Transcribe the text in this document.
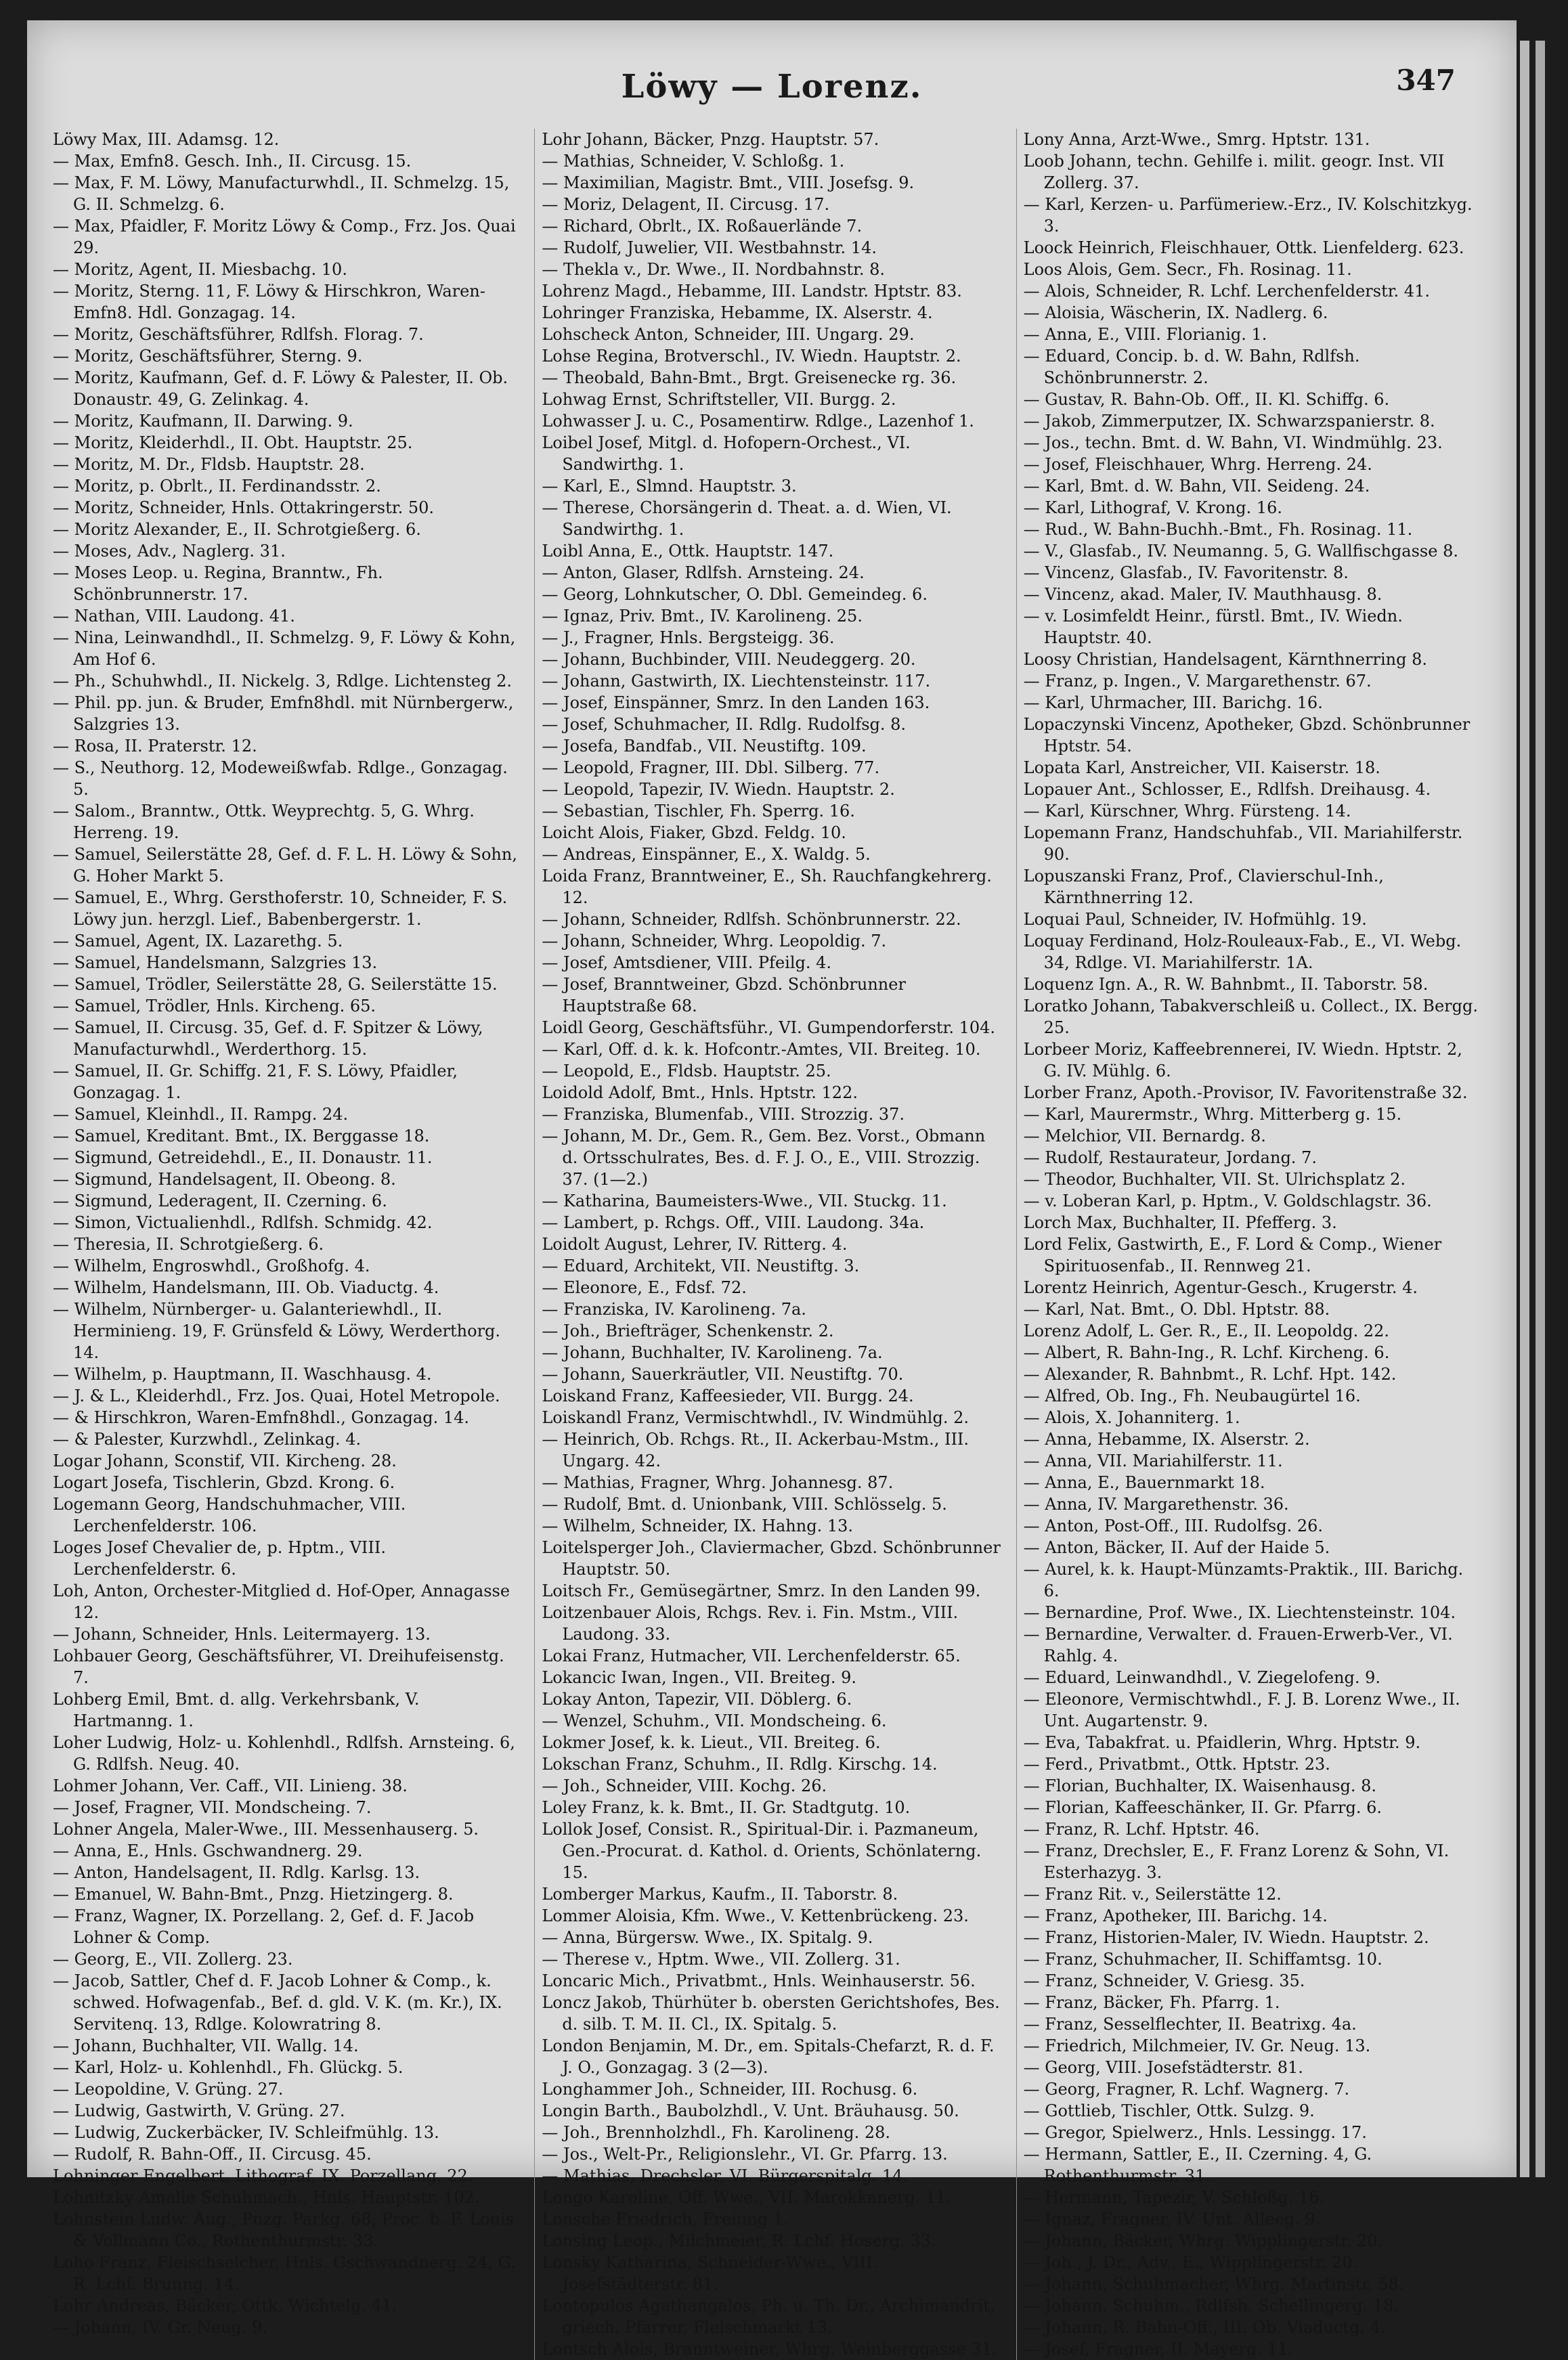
Löwy — Lorenz.	347
Löwy Max, III. Adamsg. 12.
— Max, Emfn8. Gesch. Inh., II. Circusg. 15.
— Max, F. M. Löwy, Manufacturwhdl., II. Schmelzg. 15, G. II. Schmelzg. 6.
— Max, Pfaidler, F. Moritz Löwy & Comp., Frz. Jos. Quai 29.
— Moritz, Agent, II. Miesbachg. 10.
— Moritz, Sterng. 11, F. Löwy & Hirschkron, Waren-Emfn8. Hdl. Gonzagag. 14.
— Moritz, Geschäftsführer, Rdlfsh. Florag. 7.
— Moritz, Geschäftsführer, Sterng. 9.
— Moritz, Kaufmann, Gef. d. F. Löwy & Palester, II. Ob. Donaustr. 49, G. Zelinkag. 4.
— Moritz, Kaufmann, II. Darwing. 9.
— Moritz, Kleiderhdl., II. Obt. Hauptstr. 25.
— Moritz, M. Dr., Fldsb. Hauptstr. 28.
— Moritz, p. Obrlt., II. Ferdinandsstr. 2.
— Moritz, Schneider, Hnls. Ottakringerstr. 50.
— Moritz Alexander, E., II. Schrotgießerg. 6.
— Moses, Adv., Naglerg. 31.
— Moses Leop. u. Regina, Branntw., Fh. Schönbrunnerstr. 17.
— Nathan, VIII. Laudong. 41.
— Nina, Leinwandhdl., II. Schmelzg. 9, F. Löwy & Kohn, Am Hof 6.
— Ph., Schuhwhdl., II. Nickelg. 3, Rdlge. Lichtensteg 2.
— Phil. pp. jun. & Bruder, Emfn8hdl. mit Nürnbergerw., Salzgries 13.
— Rosa, II. Praterstr. 12.
— S., Neuthorg. 12, Modeweißwfab. Rdlge., Gonzagag. 5.
— Salom., Branntw., Ottk. Weyprechtg. 5, G. Whrg. Herreng. 19.
— Samuel, Seilerstätte 28, Gef. d. F. L. H. Löwy & Sohn, G. Hoher Markt 5.
— Samuel, E., Whrg. Gersthoferstr. 10, Schneider, F. S. Löwy jun. herzgl. Lief., Babenbergerstr. 1.
— Samuel, Agent, IX. Lazarethg. 5.
— Samuel, Handelsmann, Salzgries 13.
— Samuel, Trödler, Seilerstätte 28, G. Seilerstätte 15.
— Samuel, Trödler, Hnls. Kircheng. 65.
— Samuel, II. Circusg. 35, Gef. d. F. Spitzer & Löwy, Manufacturwhdl., Werderthorg. 15.
— Samuel, II. Gr. Schiffg. 21, F. S. Löwy, Pfaidler, Gonzagag. 1.
— Samuel, Kleinhdl., II. Rampg. 24.
— Samuel, Kreditant. Bmt., IX. Berggasse 18.
— Sigmund, Getreidehdl., E., II. Donaustr. 11.
— Sigmund, Handelsagent, II. Obeong. 8.
— Sigmund, Lederagent, II. Czerning. 6.
— Simon, Victualienhdl., Rdlfsh. Schmidg. 42.
— Theresia, II. Schrotgießerg. 6.
— Wilhelm, Engroswhdl., Großhofg. 4.
— Wilhelm, Handelsmann, III. Ob. Viaductg. 4.
— Wilhelm, Nürnberger- u. Galanteriewhdl., II. Herminieng. 19, F. Grünsfeld & Löwy, Werderthorg. 14.
— Wilhelm, p. Hauptmann, II. Waschhausg. 4.
— J. & L., Kleiderhdl., Frz. Jos. Quai, Hotel Metropole.
— & Hirschkron, Waren-Emfn8hdl., Gonzagag. 14.
— & Palester, Kurzwhdl., Zelinkag. 4.
Logar Johann, Sconstif, VII. Kircheng. 28.
Logart Josefa, Tischlerin, Gbzd. Krong. 6.
Logemann Georg, Handschuhmacher, VIII. Lerchenfelderstr. 106.
Loges Josef Chevalier de, p. Hptm., VIII. Lerchenfelderstr. 6.
Loh, Anton, Orchester-Mitglied d. Hof-Oper, Annagasse 12.
— Johann, Schneider, Hnls. Leitermayerg. 13.
Lohbauer Georg, Geschäftsführer, VI. Dreihufeisenstg. 7.
Lohberg Emil, Bmt. d. allg. Verkehrsbank, V. Hartmanng. 1.
Loher Ludwig, Holz- u. Kohlenhdl., Rdlfsh. Arnsteing. 6, G. Rdlfsh. Neug. 40.
Lohmer Johann, Ver. Caff., VII. Linieng. 38.
— Josef, Fragner, VII. Mondscheing. 7.
Lohner Angela, Maler-Wwe., III. Messenhauserg. 5.
— Anna, E., Hnls. Gschwandnerg. 29.
— Anton, Handelsagent, II. Rdlg. Karlsg. 13.
— Emanuel, W. Bahn-Bmt., Pnzg. Hietzingerg. 8.
— Franz, Wagner, IX. Porzellang. 2, Gef. d. F. Jacob Lohner & Comp.
— Georg, E., VII. Zollerg. 23.
— Jacob, Sattler, Chef d. F. Jacob Lohner & Comp., k. schwed. Hofwagenfab., Bef. d. gld. V. K. (m. Kr.), IX. Servitenq. 13, Rdlge. Kolowratring 8.
— Johann, Buchhalter, VII. Wallg. 14.
— Karl, Holz- u. Kohlenhdl., Fh. Glückg. 5.
— Leopoldine, V. Grüng. 27.
— Ludwig, Gastwirth, V. Grüng. 27.
— Ludwig, Zuckerbäcker, IV. Schleifmühlg. 13.
— Rudolf, R. Bahn-Off., II. Circusg. 45.
Lohninger Engelbert, Lithograf, IX. Porzellang. 22.
Lohnitzky Amalie Schuhmach., Hnls. Hauptstr. 102.
Lohnstein Ludw. Aug., Pnzg. Parkg. 68, Proc. b. F. Louis & Vollmann Co., Rothenthurmstr. 33.
Loho Franz, Fleischselcher, Hnls. Gschwandnerg. 24, G. R. Lchf. Brunng. 14.
Lohr Andreas, Bäcker, Ottk. Wichtelg. 41.
— Johann, IV. Gr. Neug. 9.
Lohr Johann, Bäcker, Pnzg. Hauptstr. 57.
— Mathias, Schneider, V. Schloßg. 1.
— Maximilian, Magistr. Bmt., VIII. Josefsg. 9.
— Moriz, Delagent, II. Circusg. 17.
— Richard, Obrlt., IX. Roßauerlände 7.
— Rudolf, Juwelier, VII. Westbahnstr. 14.
— Thekla v., Dr. Wwe., II. Nordbahnstr. 8.
Lohrenz Magd., Hebamme, III. Landstr. Hptstr. 83.
Lohringer Franziska, Hebamme, IX. Alserstr. 4.
Lohscheck Anton, Schneider, III. Ungarg. 29.
Lohse Regina, Brotverschl., IV. Wiedn. Hauptstr. 2.
— Theobald, Bahn-Bmt., Brgt. Greisenecke rg. 36.
Lohwag Ernst, Schriftsteller, VII. Burgg. 2.
Lohwasser J. u. C., Posamentirw. Rdlge., Lazenhof 1.
Loibel Josef, Mitgl. d. Hofopern-Orchest., VI. Sandwirthg. 1.
— Karl, E., Slmnd. Hauptstr. 3.
— Therese, Chorsängerin d. Theat. a. d. Wien, VI. Sandwirthg. 1.
Loibl Anna, E., Ottk. Hauptstr. 147.
— Anton, Glaser, Rdlfsh. Arnsteing. 24.
— Georg, Lohnkutscher, O. Dbl. Gemeindeg. 6.
— Ignaz, Priv. Bmt., IV. Karolineng. 25.
— J., Fragner, Hnls. Bergsteigg. 36.
— Johann, Buchbinder, VIII. Neudeggerg. 20.
— Johann, Gastwirth, IX. Liechtensteinstr. 117.
— Josef, Einspänner, Smrz. In den Landen 163.
— Josef, Schuhmacher, II. Rdlg. Rudolfsg. 8.
— Josefa, Bandfab., VII. Neustiftg. 109.
— Leopold, Fragner, III. Dbl. Silberg. 77.
— Leopold, Tapezir, IV. Wiedn. Hauptstr. 2.
— Sebastian, Tischler, Fh. Sperrg. 16.
Loicht Alois, Fiaker, Gbzd. Feldg. 10.
— Andreas, Einspänner, E., X. Waldg. 5.
Loida Franz, Branntweiner, E., Sh. Rauchfangkehrerg. 12.
— Johann, Schneider, Rdlfsh. Schönbrunnerstr. 22.
— Johann, Schneider, Whrg. Leopoldig. 7.
— Josef, Amtsdiener, VIII. Pfeilg. 4.
— Josef, Branntweiner, Gbzd. Schönbrunner Hauptstraße 68.
Loidl Georg, Geschäftsführ., VI. Gumpendorferstr. 104.
— Karl, Off. d. k. k. Hofcontr.-Amtes, VII. Breiteg. 10.
— Leopold, E., Fldsb. Hauptstr. 25.
Loidold Adolf, Bmt., Hnls. Hptstr. 122.
— Franziska, Blumenfab., VIII. Strozzig. 37.
— Johann, M. Dr., Gem. R., Gem. Bez. Vorst., Obmann d. Ortsschulrates, Bes. d. F. J. O., E., VIII. Strozzig. 37. (1—2.)
— Katharina, Baumeisters-Wwe., VII. Stuckg. 11.
— Lambert, p. Rchgs. Off., VIII. Laudong. 34a.
Loidolt August, Lehrer, IV. Ritterg. 4.
— Eduard, Architekt, VII. Neustiftg. 3.
— Eleonore, E., Fdsf. 72.
— Franziska, IV. Karolineng. 7a.
— Joh., Briefträger, Schenkenstr. 2.
— Johann, Buchhalter, IV. Karolineng. 7a.
— Johann, Sauerkräutler, VII. Neustiftg. 70.
Loiskand Franz, Kaffeesieder, VII. Burgg. 24.
Loiskandl Franz, Vermischtwhdl., IV. Windmühlg. 2.
— Heinrich, Ob. Rchgs. Rt., II. Ackerbau-Mstm., III. Ungarg. 42.
— Mathias, Fragner, Whrg. Johannesg. 87.
— Rudolf, Bmt. d. Unionbank, VIII. Schlösselg. 5.
— Wilhelm, Schneider, IX. Hahng. 13.
Loitelsperger Joh., Claviermacher, Gbzd. Schönbrunner Hauptstr. 50.
Loitsch Fr., Gemüsegärtner, Smrz. In den Landen 99.
Loitzenbauer Alois, Rchgs. Rev. i. Fin. Mstm., VIII. Laudong. 33.
Lokai Franz, Hutmacher, VII. Lerchenfelderstr. 65.
Lokancic Iwan, Ingen., VII. Breiteg. 9.
Lokay Anton, Tapezir, VII. Döblerg. 6.
— Wenzel, Schuhm., VII. Mondscheing. 6.
Lokmer Josef, k. k. Lieut., VII. Breiteg. 6.
Lokschan Franz, Schuhm., II. Rdlg. Kirschg. 14.
— Joh., Schneider, VIII. Kochg. 26.
Loley Franz, k. k. Bmt., II. Gr. Stadtgutg. 10.
Lollok Josef, Consist. R., Spiritual-Dir. i. Pazmaneum, Gen.-Procurat. d. Kathol. d. Orients, Schönlaterng. 15.
Lomberger Markus, Kaufm., II. Taborstr. 8.
Lommer Aloisia, Kfm. Wwe., V. Kettenbrückeng. 23.
— Anna, Bürgersw. Wwe., IX. Spitalg. 9.
— Therese v., Hptm. Wwe., VII. Zollerg. 31.
Loncaric Mich., Privatbmt., Hnls. Weinhauserstr. 56.
Loncz Jakob, Thürhüter b. obersten Gerichtshofes, Bes. d. silb. T. M. II. Cl., IX. Spitalg. 5.
London Benjamin, M. Dr., em. Spitals-Chefarzt, R. d. F. J. O., Gonzagag. 3 (2—3).
Longhammer Joh., Schneider, III. Rochusg. 6.
Longin Barth., Baubolzhdl., V. Unt. Bräuhausg. 50.
— Joh., Brennholzhdl., Fh. Karolineng. 28.
— Jos., Welt-Pr., Religionslehr., VI. Gr. Pfarrg. 13.
— Mathias, Drechsler, VI. Bürgerspitalg. 14.
Longo Karoline, Off. Wwe., VII. Marokkanerg. 11.
Lonsche Friedrich, Freiung 1.
Lonsing Leop., Milchmeier, R. Lchf. Hoserg. 33.
Lonsky Katharina, Schneider-Wwe., VIII. Josefstädterstr. 81.
Lontopulos Agathangalos, Ph. u. Th. Dr., Archimandrit, griech. Pfarrer, Fleischmarkt 13.
Lontsch Alois, Branntweiner, Whrg. Weinberggasse 31.
Lony Anna, Arzt-Wwe., Smrg. Hptstr. 131.
Loob Johann, techn. Gehilfe i. milit. geogr. Inst. VII Zollerg. 37.
— Karl, Kerzen- u. Parfümeriew.-Erz., IV. Kolschitzkyg. 3.
Loock Heinrich, Fleischhauer, Ottk. Lienfelderg. 623.
Loos Alois, Gem. Secr., Fh. Rosinag. 11.
— Alois, Schneider, R. Lchf. Lerchenfelderstr. 41.
— Aloisia, Wäscherin, IX. Nadlerg. 6.
— Anna, E., VIII. Florianig. 1.
— Eduard, Concip. b. d. W. Bahn, Rdlfsh. Schönbrunnerstr. 2.
— Gustav, R. Bahn-Ob. Off., II. Kl. Schiffg. 6.
— Jakob, Zimmerputzer, IX. Schwarzspanierstr. 8.
— Jos., techn. Bmt. d. W. Bahn, VI. Windmühlg. 23.
— Josef, Fleischhauer, Whrg. Herreng. 24.
— Karl, Bmt. d. W. Bahn, VII. Seideng. 24.
— Karl, Lithograf, V. Krong. 16.
— Rud., W. Bahn-Buchh.-Bmt., Fh. Rosinag. 11.
— V., Glasfab., IV. Neumanng. 5, G. Wallfischgasse 8.
— Vincenz, Glasfab., IV. Favoritenstr. 8.
— Vincenz, akad. Maler, IV. Mauthhausg. 8.
— v. Losimfeldt Heinr., fürstl. Bmt., IV. Wiedn. Hauptstr. 40.
Loosy Christian, Handelsagent, Kärnthnerring 8.
— Franz, p. Ingen., V. Margarethenstr. 67.
— Karl, Uhrmacher, III. Barichg. 16.
Lopaczynski Vincenz, Apotheker, Gbzd. Schönbrunner Hptstr. 54.
Lopata Karl, Anstreicher, VII. Kaiserstr. 18.
Lopauer Ant., Schlosser, E., Rdlfsh. Dreihausg. 4.
— Karl, Kürschner, Whrg. Fürsteng. 14.
Lopemann Franz, Handschuhfab., VII. Mariahilferstr. 90.
Lopuszanski Franz, Prof., Clavierschul-Inh., Kärnthnerring 12.
Loquai Paul, Schneider, IV. Hofmühlg. 19.
Loquay Ferdinand, Holz-Rouleaux-Fab., E., VI. Webg. 34, Rdlge. VI. Mariahilferstr. 1A.
Loquenz Ign. A., R. W. Bahnbmt., II. Taborstr. 58.
Loratko Johann, Tabakverschleiß u. Collect., IX. Bergg. 25.
Lorbeer Moriz, Kaffeebrennerei, IV. Wiedn. Hptstr. 2, G. IV. Mühlg. 6.
Lorber Franz, Apoth.-Provisor, IV. Favoritenstraße 32.
— Karl, Maurermstr., Whrg. Mitterberg g. 15.
— Melchior, VII. Bernardg. 8.
— Rudolf, Restaurateur, Jordang. 7.
— Theodor, Buchhalter, VII. St. Ulrichsplatz 2.
— v. Loberan Karl, p. Hptm., V. Goldschlagstr. 36.
Lorch Max, Buchhalter, II. Pfefferg. 3.
Lord Felix, Gastwirth, E., F. Lord & Comp., Wiener Spirituosenfab., II. Rennweg 21.
Lorentz Heinrich, Agentur-Gesch., Krugerstr. 4.
— Karl, Nat. Bmt., O. Dbl. Hptstr. 88.
Lorenz Adolf, L. Ger. R., E., II. Leopoldg. 22.
— Albert, R. Bahn-Ing., R. Lchf. Kircheng. 6.
— Alexander, R. Bahnbmt., R. Lchf. Hpt. 142.
— Alfred, Ob. Ing., Fh. Neubaugürtel 16.
— Alois, X. Johanniterg. 1.
— Anna, Hebamme, IX. Alserstr. 2.
— Anna, VII. Mariahilferstr. 11.
— Anna, E., Bauernmarkt 18.
— Anna, IV. Margarethenstr. 36.
— Anton, Post-Off., III. Rudolfsg. 26.
— Anton, Bäcker, II. Auf der Haide 5.
— Aurel, k. k. Haupt-Münzamts-Praktik., III. Barichg. 6.
— Bernardine, Prof. Wwe., IX. Liechtensteinstr. 104.
— Bernardine, Verwalter. d. Frauen-Erwerb-Ver., VI. Rahlg. 4.
— Eduard, Leinwandhdl., V. Ziegelofeng. 9.
— Eleonore, Vermischtwhdl., F. J. B. Lorenz Wwe., II. Unt. Augartenstr. 9.
— Eva, Tabakfrat. u. Pfaidlerin, Whrg. Hptstr. 9.
— Ferd., Privatbmt., Ottk. Hptstr. 23.
— Florian, Buchhalter, IX. Waisenhausg. 8.
— Florian, Kaffeeschänker, II. Gr. Pfarrg. 6.
— Franz, R. Lchf. Hptstr. 46.
— Franz, Drechsler, E., F. Franz Lorenz & Sohn, VI. Esterhazyg. 3.
— Franz Rit. v., Seilerstätte 12.
— Franz, Apotheker, III. Barichg. 14.
— Franz, Historien-Maler, IV. Wiedn. Hauptstr. 2.
— Franz, Schuhmacher, II. Schiffamtsg. 10.
— Franz, Schneider, V. Griesg. 35.
— Franz, Bäcker, Fh. Pfarrg. 1.
— Franz, Sesselflechter, II. Beatrixg. 4a.
— Friedrich, Milchmeier, IV. Gr. Neug. 13.
— Georg, VIII. Josefstädterstr. 81.
— Georg, Fragner, R. Lchf. Wagnerg. 7.
— Gottlieb, Tischler, Ottk. Sulzg. 9.
— Gregor, Spielwerz., Hnls. Lessingg. 17.
— Hermann, Sattler, E., II. Czerning. 4, G. Rothenthurmstr. 31.
— Hermann, Tapezir, V. Schloßg. 16.
— Ignaz, Fragner, IV. Unt. Alleeg. 9.
— Johann, Bäcker, Whrg. Wipplingerstr. 20.
— Joh., J. Dr., Adv., E., Wipplingerstr. 20.
— Johann, Schuhmacher, Whrg. Martinstr. 58.
— Johann, Schuhm., Rdlfsh. Schellingerg. 18.
— Johann, R. Bahn-Off., III. Ob. Viaductg. 4.
— Josef, Fragner, II. Mayerg. 11.
